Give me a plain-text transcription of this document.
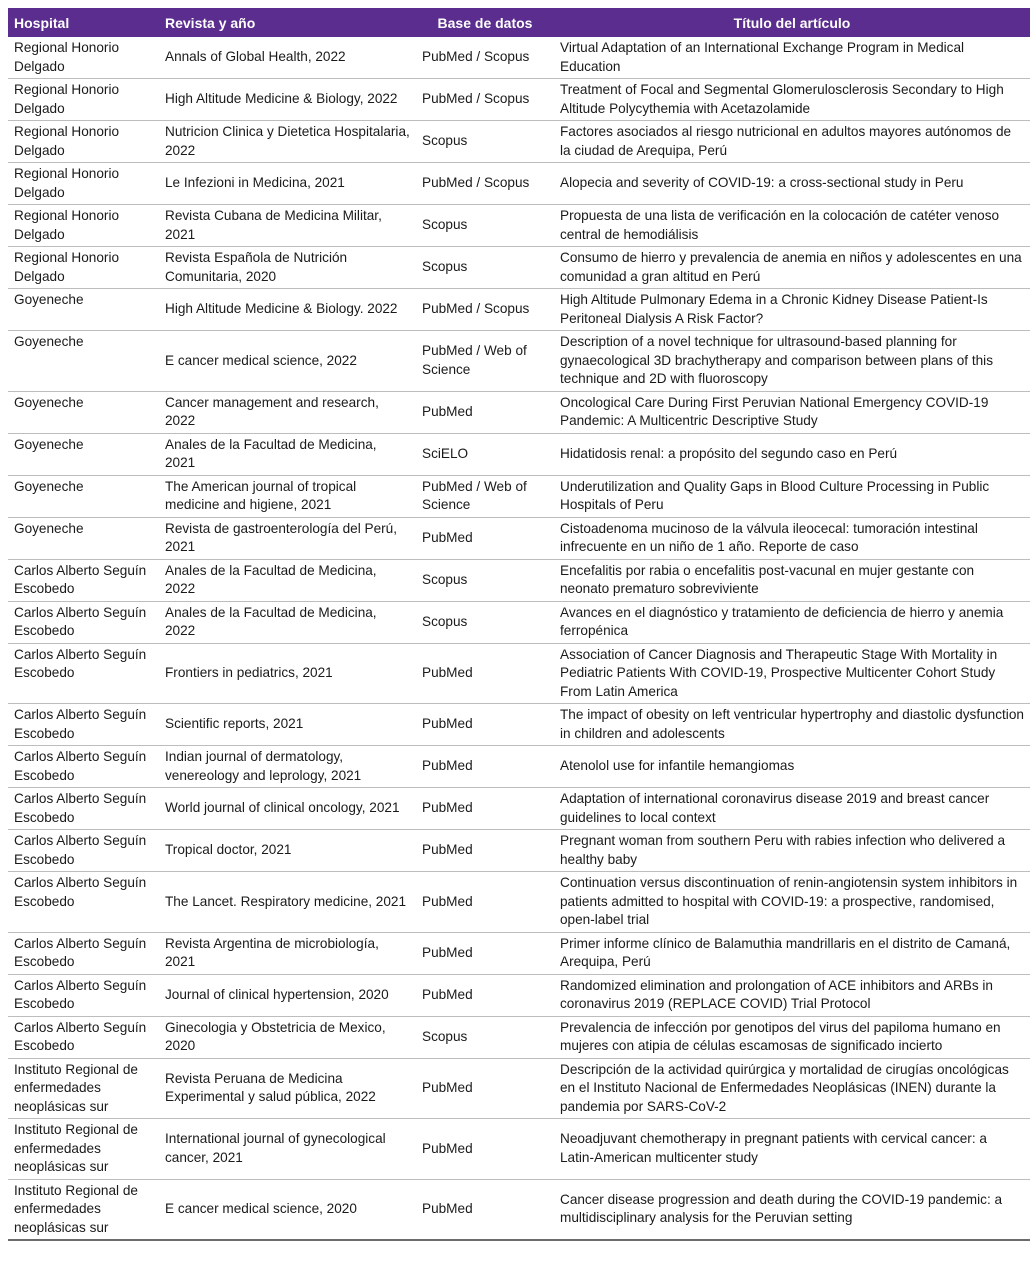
Hospital	Revista y año	Base de datos	Título del artículo
Regional Honorio Delgado	Annals of Global Health, 2022	PubMed / Scopus	Virtual Adaptation of an International Exchange Program in Medical Education
Regional Honorio Delgado	High Altitude Medicine & Biology, 2022	PubMed / Scopus	Treatment of Focal and Segmental Glomerulosclerosis Secondary to High Altitude Polycythemia with Acetazolamide
Regional Honorio Delgado	Nutricion Clinica y Dietetica Hospitalaria, 2022	Scopus	Factores asociados al riesgo nutricional en adultos mayores autónomos de la ciudad de Arequipa, Perú
Regional Honorio Delgado	Le Infezioni in Medicina, 2021	PubMed / Scopus	Alopecia and severity of COVID-19: a cross-sectional study in Peru
Regional Honorio Delgado	Revista Cubana de Medicina Militar, 2021	Scopus	Propuesta de una lista de verificación en la colocación de catéter venoso central de hemodiálisis
Regional Honorio Delgado	Revista Española de Nutrición Comunitaria, 2020	Scopus	Consumo de hierro y prevalencia de anemia en niños y adolescentes en una comunidad a gran altitud en Perú
Goyeneche	High Altitude Medicine & Biology. 2022	PubMed / Scopus	High Altitude Pulmonary Edema in a Chronic Kidney Disease Patient-Is Peritoneal Dialysis A Risk Factor?
Goyeneche	E cancer medical science, 2022	PubMed / Web of Science	Description of a novel technique for ultrasound-based planning for gynaecological 3D brachytherapy and comparison between plans of this technique and 2D with fluoroscopy
Goyeneche	Cancer management and research, 2022	PubMed	Oncological Care During First Peruvian National Emergency COVID-19 Pandemic: A Multicentric Descriptive Study
Goyeneche	Anales de la Facultad de Medicina, 2021	SciELO	Hidatidosis renal: a propósito del segundo caso en Perú
Goyeneche	The American journal of tropical medicine and higiene, 2021	PubMed / Web of Science	Underutilization and Quality Gaps in Blood Culture Processing in Public Hospitals of Peru
Goyeneche	Revista de gastroenterología del Perú, 2021	PubMed	Cistoadenoma mucinoso de la válvula ileocecal: tumoración intestinal infrecuente en un niño de 1 año. Reporte de caso
Carlos Alberto Seguín Escobedo	Anales de la Facultad de Medicina, 2022	Scopus	Encefalitis por rabia o encefalitis post-vacunal en mujer gestante con neonato prematuro sobreviviente
Carlos Alberto Seguín Escobedo	Anales de la Facultad de Medicina, 2022	Scopus	Avances en el diagnóstico y tratamiento de deficiencia de hierro y anemia ferropénica
Carlos Alberto Seguín Escobedo	Frontiers in pediatrics, 2021	PubMed	Association of Cancer Diagnosis and Therapeutic Stage With Mortality in Pediatric Patients With COVID-19, Prospective Multicenter Cohort Study From Latin America
Carlos Alberto Seguín Escobedo	Scientific reports, 2021	PubMed	The impact of obesity on left ventricular hypertrophy and diastolic dysfunction in children and adolescents
Carlos Alberto Seguín Escobedo	Indian journal of dermatology, venereology and leprology, 2021	PubMed	Atenolol use for infantile hemangiomas
Carlos Alberto Seguín Escobedo	World journal of clinical oncology, 2021	PubMed	Adaptation of international coronavirus disease 2019 and breast cancer guidelines to local context
Carlos Alberto Seguín Escobedo	Tropical doctor, 2021	PubMed	Pregnant woman from southern Peru with rabies infection who delivered a healthy baby
Carlos Alberto Seguín Escobedo	The Lancet. Respiratory medicine, 2021	PubMed	Continuation versus discontinuation of renin-angiotensin system inhibitors in patients admitted to hospital with COVID-19: a prospective, randomised, open-label trial
Carlos Alberto Seguín Escobedo	Revista Argentina de microbiología, 2021	PubMed	Primer informe clínico de Balamuthia mandrillaris en el distrito de Camaná, Arequipa, Perú
Carlos Alberto Seguín Escobedo	Journal of clinical hypertension, 2020	PubMed	Randomized elimination and prolongation of ACE inhibitors and ARBs in coronavirus 2019 (REPLACE COVID) Trial Protocol
Carlos Alberto Seguín Escobedo	Ginecologia y Obstetricia de Mexico, 2020	Scopus	Prevalencia de infección por genotipos del virus del papiloma humano en mujeres con atipia de células escamosas de significado incierto
Instituto Regional de enfermedades neoplásicas sur	Revista Peruana de Medicina Experimental y salud pública, 2022	PubMed	Descripción de la actividad quirúrgica y mortalidad de cirugías oncológicas en el Instituto Nacional de Enfermedades Neoplásicas (INEN) durante la pandemia por SARS-CoV-2
Instituto Regional de enfermedades neoplásicas sur	International journal of gynecological cancer, 2021	PubMed	Neoadjuvant chemotherapy in pregnant patients with cervical cancer: a Latin-American multicenter study
Instituto Regional de enfermedades neoplásicas sur	E cancer medical science, 2020	PubMed	Cancer disease progression and death during the COVID-19 pandemic: a multidisciplinary analysis for the Peruvian setting
